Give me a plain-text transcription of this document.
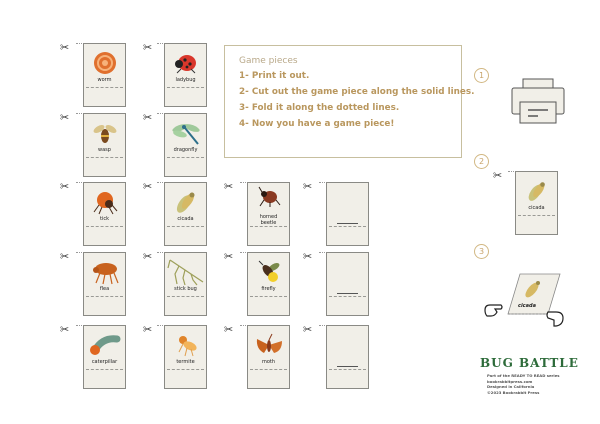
✂
worm
✂
ladybug
✂
wasp
✂
dragonfly
✂
tick
✂
cicada
✂
horned beetle
✂
✂
flea
✂
stick bug
✂
firefly
✂
✂
caterpillar
✂
termite
✂
moth
✂
Game pieces
1- Print it out.
2- Cut out the game piece along the solid lines.
3- Fold it along the dotted lines.
4- Now you have a game piece!
1
2
✂
cicada
3
cicada
BUG BATTLE
Part of the READY TO READ series
bookrabbitpress.com
Designed in California
©2023 Bookrabbit Press
